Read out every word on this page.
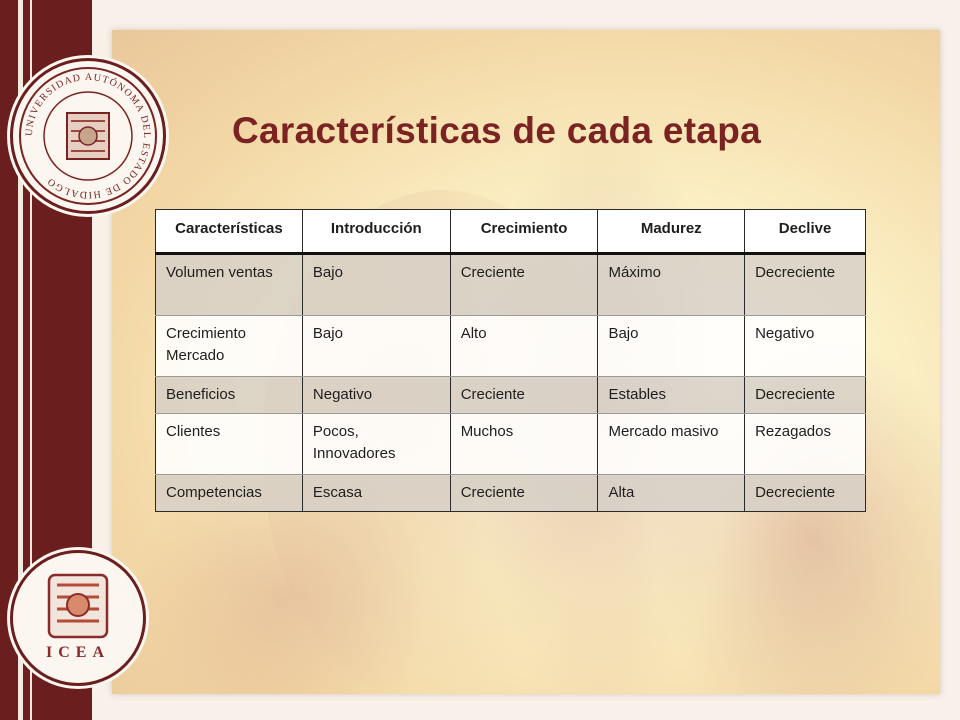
UNIVERSIDAD AUTÓNOMA DEL ESTADO DE HIDALGO
ICEA
Características de cada etapa
Características	Introducción	Crecimiento	Madurez	Declive
Volumen ventas	Bajo	Creciente	Máximo	Decreciente
Crecimiento Mercado	Bajo	Alto	Bajo	Negativo
Beneficios	Negativo	Creciente	Estables	Decreciente
Clientes	Pocos, Innovadores	Muchos	Mercado masivo	Rezagados
Competencias	Escasa	Creciente	Alta	Decreciente
